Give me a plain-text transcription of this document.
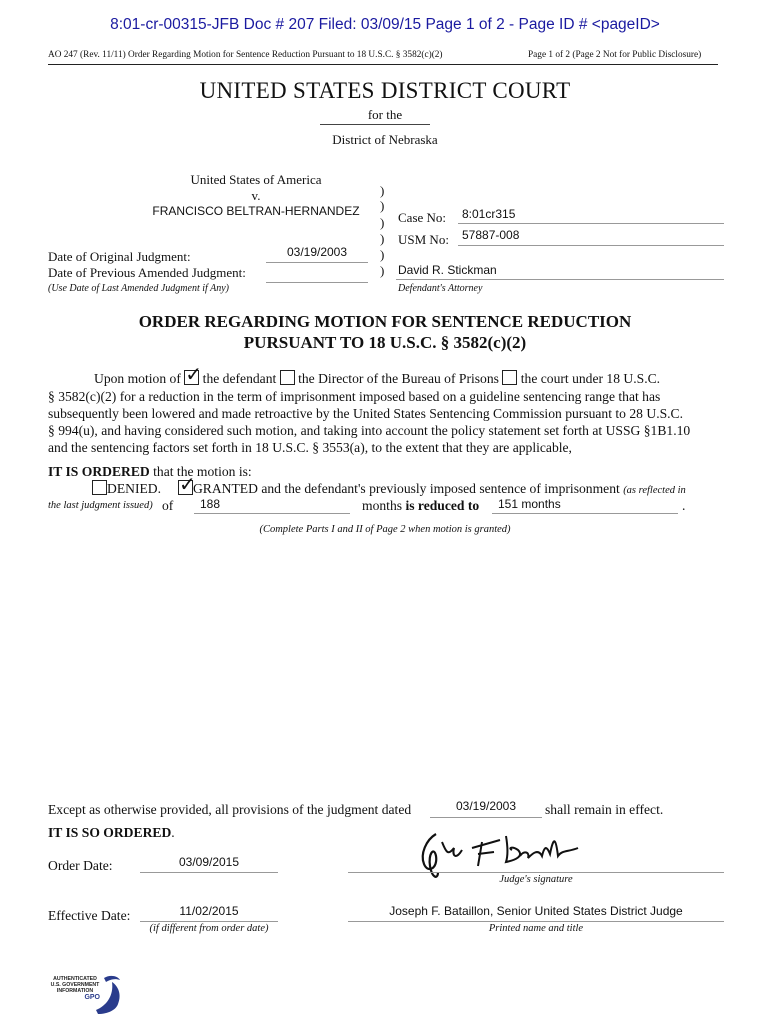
8:01-cr-00315-JFB Doc # 207 Filed: 03/09/15 Page 1 of 2 - Page ID # <pageID>
AO 247 (Rev. 11/11) Order Regarding Motion for Sentence Reduction Pursuant to 18 U.S.C. § 3582(c)(2)	Page 1 of 2 (Page 2 Not for Public Disclosure)
UNITED STATES DISTRICT COURT
for the
District of Nebraska
United States of America
v.
FRANCISCO BELTRAN-HERNANDEZ
Date of Original Judgment:	03/19/2003
Date of Previous Amended Judgment:
(Use Date of Last Amended Judgment if Any)
)
)
)
)
)
)
Case No:	8:01cr315
USM No:	57887-008
David R. Stickman
Defendant's Attorney
ORDER REGARDING MOTION FOR SENTENCE REDUCTION
PURSUANT TO 18 U.S.C. § 3582(c)(2)
Upon motion of ✓ the defendant the Director of the Bureau of Prisons the court under 18 U.S.C.
§ 3582(c)(2) for a reduction in the term of imprisonment imposed based on a guideline sentencing range that has
subsequently been lowered and made retroactive by the United States Sentencing Commission pursuant to 28 U.S.C.
§ 994(u), and having considered such motion, and taking into account the policy statement set forth at USSG §1B1.10
and the sentencing factors set forth in 18 U.S.C. § 3553(a), to the extent that they are applicable,
IT IS ORDERED that the motion is:
DENIED. ✓
GRANTED and the defendant's previously imposed sentence of imprisonment (as reflected in
the last judgment issued) of	188	months is reduced to	151 months	.
(Complete Parts I and II of Page 2 when motion is granted)
Except as otherwise provided, all provisions of the judgment dated	03/19/2003	shall remain in effect.
IT IS SO ORDERED.
Order Date:	03/09/2015
Judge's signature
Effective Date:	11/02/2015
(if different from order date)
Joseph F. Bataillon, Senior United States District Judge
Printed name and title
AUTHENTICATED
U.S. GOVERNMENT
INFORMATION
GPO
